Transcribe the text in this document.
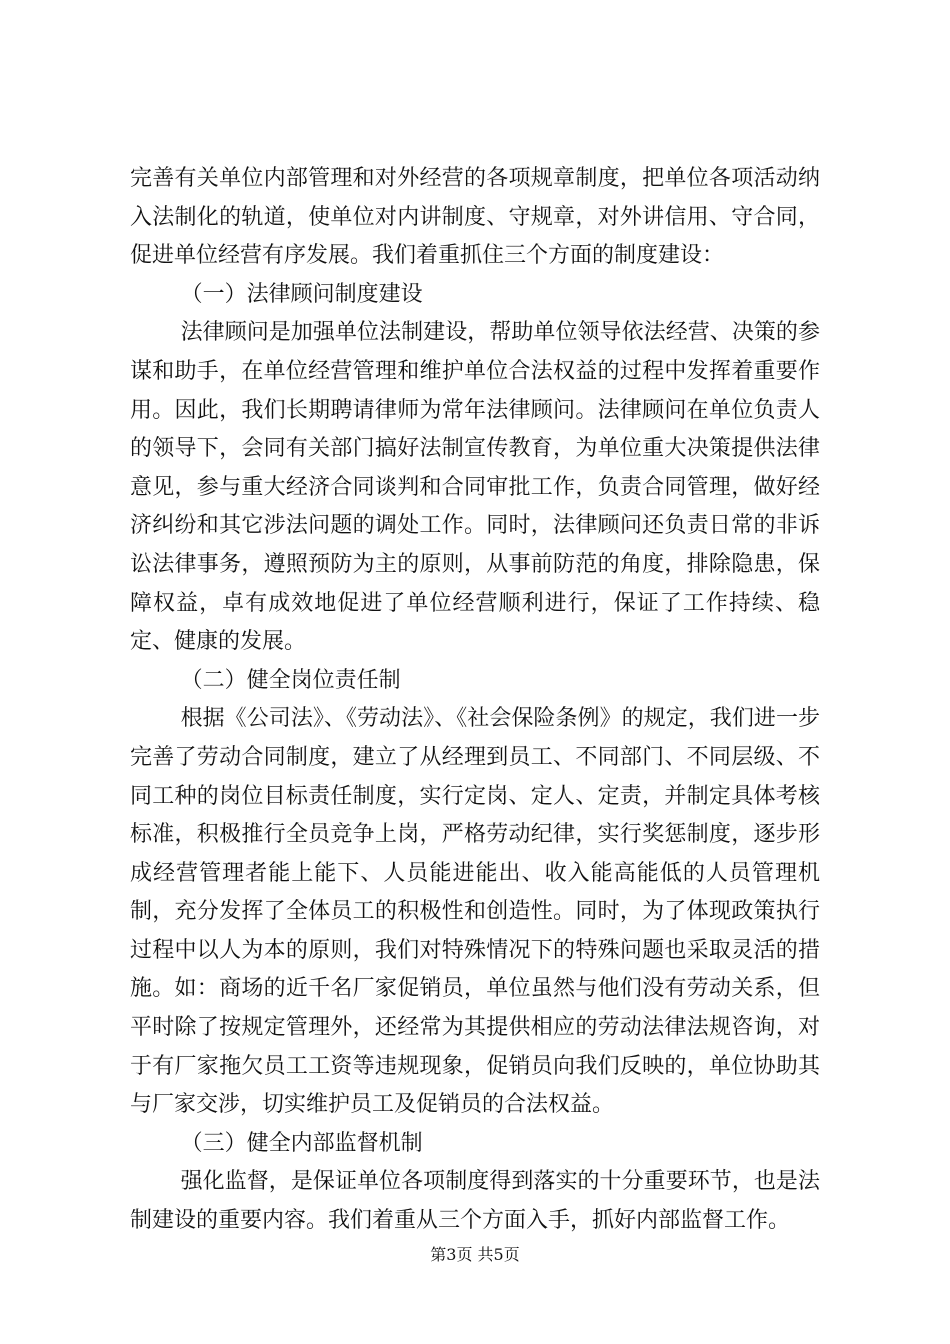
完善有关单位内部管理和对外经营的各项规章制度，把单位各项活动纳入法制化的轨道，使单位对内讲制度、守规章，对外讲信用、守合同，促进单位经营有序发展。我们着重抓住三个方面的制度建设：

（一）法律顾问制度建设

法律顾问是加强单位法制建设，帮助单位领导依法经营、决策的参谋和助手，在单位经营管理和维护单位合法权益的过程中发挥着重要作用。因此，我们长期聘请律师为常年法律顾问。法律顾问在单位负责人的领导下，会同有关部门搞好法制宣传教育，为单位重大决策提供法律意见，参与重大经济合同谈判和合同审批工作，负责合同管理，做好经济纠纷和其它涉法问题的调处工作。同时，法律顾问还负责日常的非诉讼法律事务，遵照预防为主的原则，从事前防范的角度，排除隐患，保障权益，卓有成效地促进了单位经营顺利进行，保证了工作持续、稳定、健康的发展。

（二）健全岗位责任制

根据《公司法》、《劳动法》、《社会保险条例》的规定，我们进一步完善了劳动合同制度，建立了从经理到员工、不同部门、不同层级、不同工种的岗位目标责任制度，实行定岗、定人、定责，并制定具体考核标准，积极推行全员竞争上岗，严格劳动纪律，实行奖惩制度，逐步形成经营管理者能上能下、人员能进能出、收入能高能低的人员管理机制，充分发挥了全体员工的积极性和创造性。同时，为了体现政策执行过程中以人为本的原则，我们对特殊情况下的特殊问题也采取灵活的措施。如：商场的近千名厂家促销员，单位虽然与他们没有劳动关系，但平时除了按规定管理外，还经常为其提供相应的劳动法律法规咨询，对于有厂家拖欠员工工资等违规现象，促销员向我们反映的，单位协助其与厂家交涉，切实维护员工及促销员的合法权益。

（三）健全内部监督机制

强化监督，是保证单位各项制度得到落实的十分重要环节，也是法制建设的重要内容。我们着重从三个方面入手，抓好内部监督工作。

第3页 共5页
